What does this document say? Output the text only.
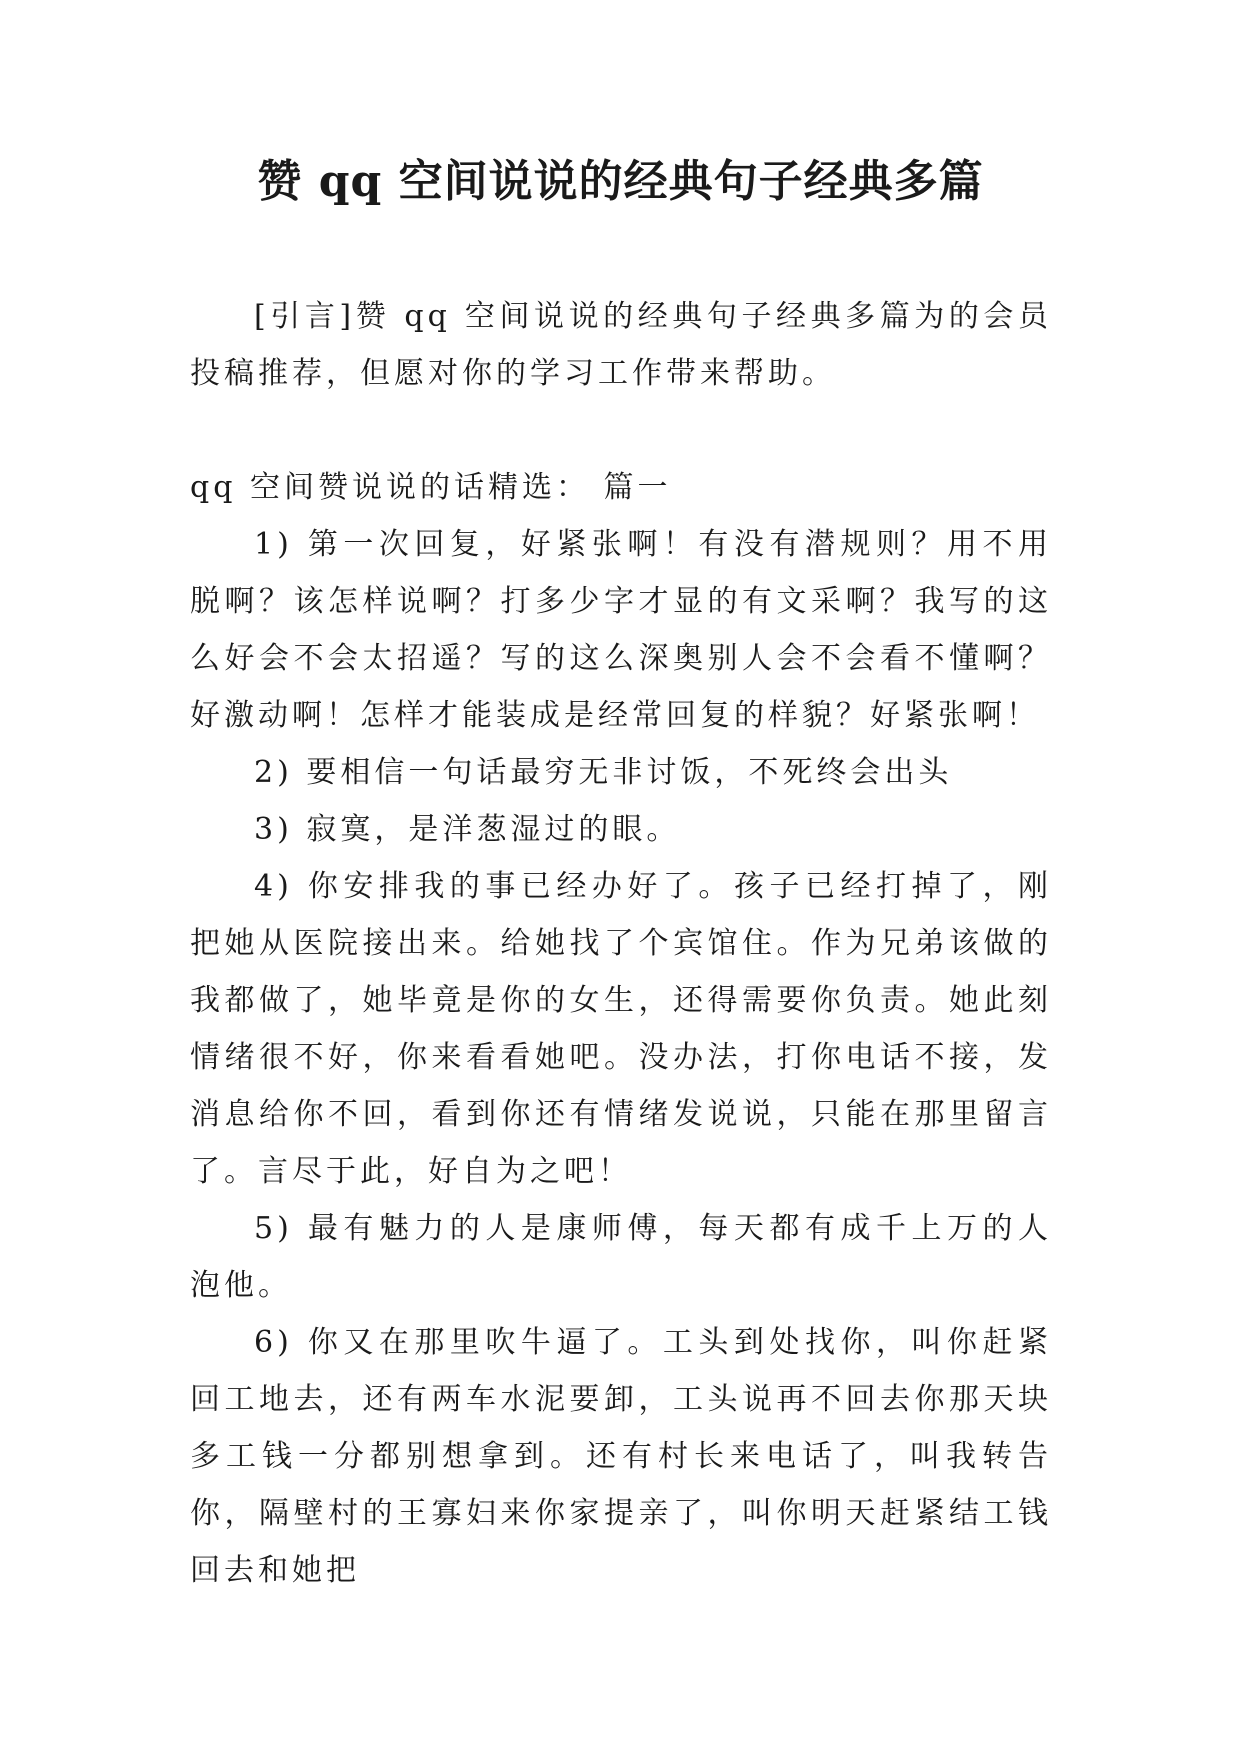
赞 qq 空间说说的经典句子经典多篇

[引言]赞 qq 空间说说的经典句子经典多篇为的会员投稿推荐，但愿对你的学习工作带来帮助。

qq 空间赞说说的话精选： 篇一

1) 第一次回复，好紧张啊！有没有潜规则？用不用脱啊？该怎样说啊？打多少字才显的有文采啊？我写的这么好会不会太招遥？写的这么深奥别人会不会看不懂啊？好激动啊！怎样才能装成是经常回复的样貌？好紧张啊！

2) 要相信一句话最穷无非讨饭，不死终会出头

3) 寂寞，是洋葱湿过的眼。

4) 你安排我的事已经办好了。孩子已经打掉了，刚把她从医院接出来。给她找了个宾馆住。作为兄弟该做的我都做了，她毕竟是你的女生，还得需要你负责。她此刻情绪很不好，你来看看她吧。没办法，打你电话不接，发消息给你不回，看到你还有情绪发说说，只能在那里留言了。言尽于此，好自为之吧！

5) 最有魅力的人是康师傅，每天都有成千上万的人泡他。

6) 你又在那里吹牛逼了。工头到处找你，叫你赶紧回工地去，还有两车水泥要卸，工头说再不回去你那天块多工钱一分都别想拿到。还有村长来电话了，叫我转告你，隔壁村的王寡妇来你家提亲了，叫你明天赶紧结工钱回去和她把
